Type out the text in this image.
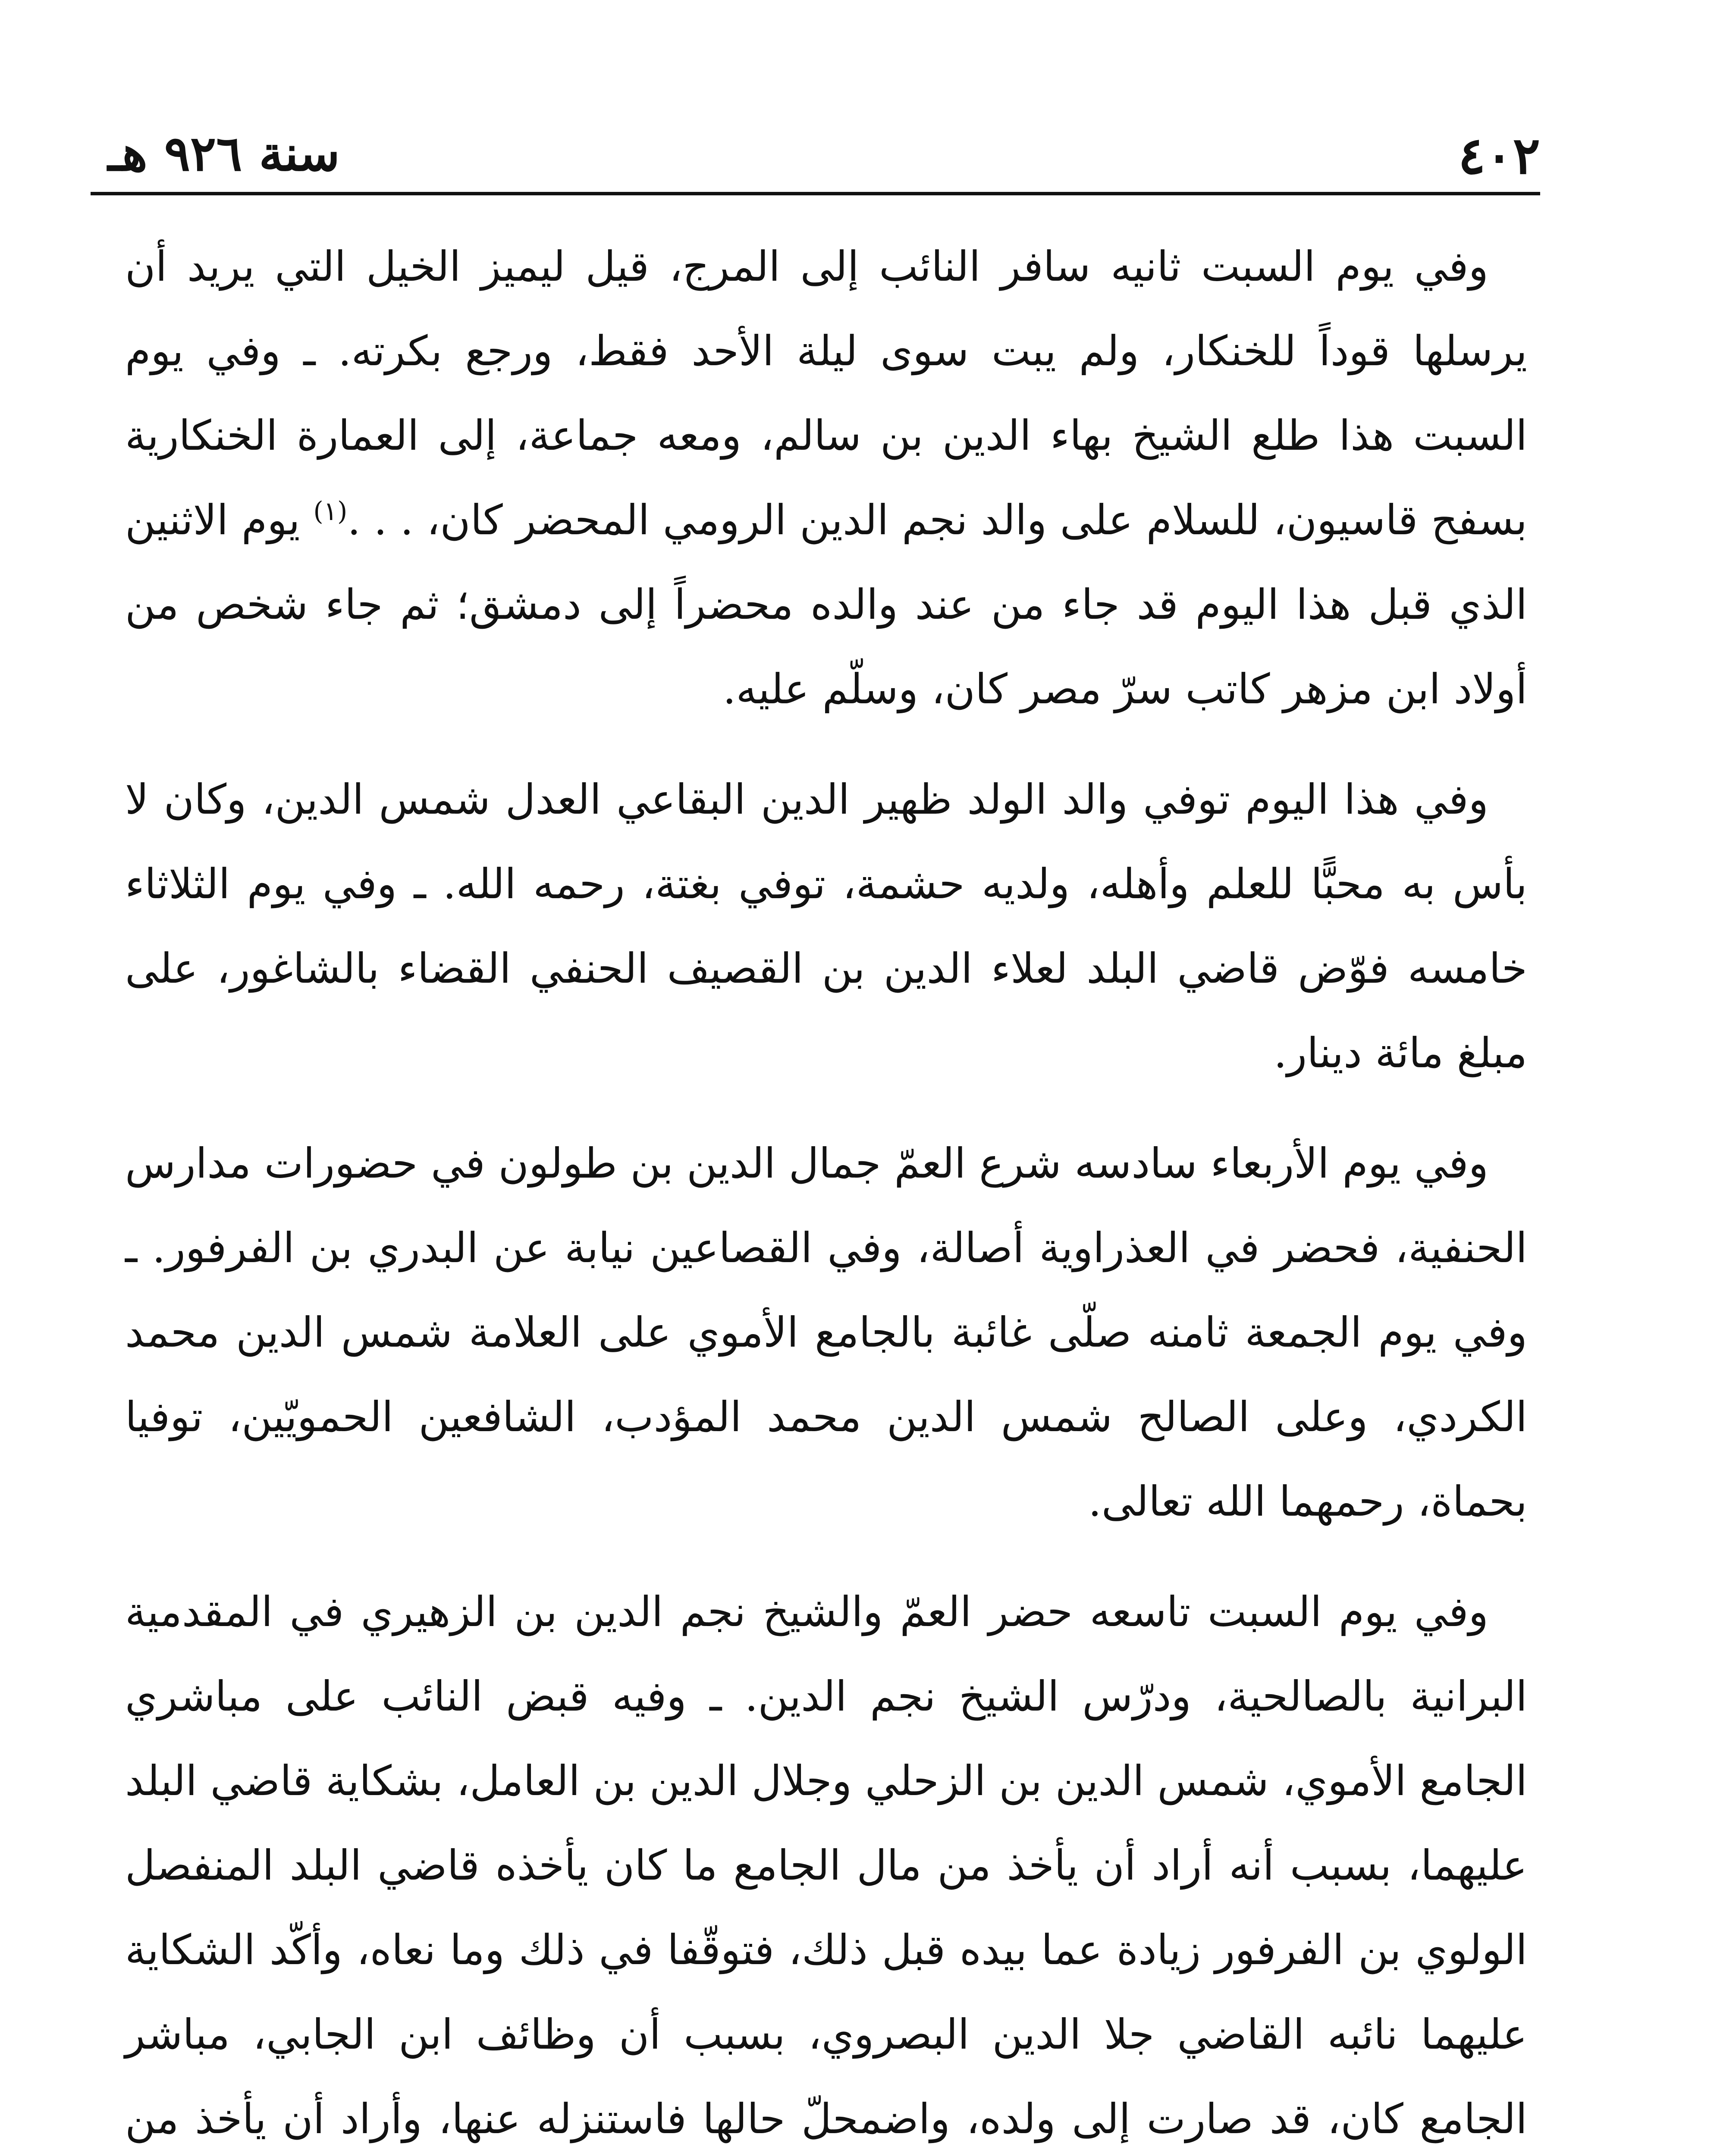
٤٠٢
سنة ٩٢٦ هـ

وفي يوم السبت ثانيه سافر النائب إلى المرج، قيل ليميز الخيل التي يريد أن يرسلها قوداً للخنكار، ولم يبت سوى ليلة الأحد فقط، ورجع بكرته. ـ وفي يوم السبت هذا طلع الشيخ بهاء الدين بن سالم، ومعه جماعة، إلى العمارة الخنكارية بسفح قاسيون، للسلام على والد نجم الدين الرومي المحضر كان، . . .$^{(١)}$ يوم الاثنين الذي قبل هذا اليوم قد جاء من عند والده محضراً إلى دمشق؛ ثم جاء شخص من أولاد ابن مزهر كاتب سرّ مصر كان، وسلّم عليه.

وفي هذا اليوم توفي والد الولد ظهير الدين البقاعي العدل شمس الدين، وكان لا بأس به محبًّا للعلم وأهله، ولديه حشمة، توفي بغتة، رحمه الله. ـ وفي يوم الثلاثاء خامسه فوّض قاضي البلد لعلاء الدين بن القصيف الحنفي القضاء بالشاغور، على مبلغ مائة دينار.

وفي يوم الأربعاء سادسه شرع العمّ جمال الدين بن طولون في حضورات مدارس الحنفية، فحضر في العذراوية أصالة، وفي القصاعين نيابة عن البدري بن الفرفور. ـ وفي يوم الجمعة ثامنه صلّى غائبة بالجامع الأموي على العلامة شمس الدين محمد الكردي، وعلى الصالح شمس الدين محمد المؤدب، الشافعين الحمويّين، توفيا بحماة، رحمهما الله تعالى.

وفي يوم السبت تاسعه حضر العمّ والشيخ نجم الدين بن الزهيري في المقدمية البرانية بالصالحية، ودرّس الشيخ نجم الدين. ـ وفيه قبض النائب على مباشري الجامع الأموي، شمس الدين بن الزحلي وجلال الدين بن العامل، بشكاية قاضي البلد عليهما، بسبب أنه أراد أن يأخذ من مال الجامع ما كان يأخذه قاضي البلد المنفصل الولوي بن الفرفور زيادة عما بيده قبل ذلك، فتوقّفا في ذلك وما نعاه، وأكّد الشكاية عليهما نائبه القاضي جلا الدين البصروي، بسبب أن وظائف ابن الجابي، مباشر الجامع كان، قد صارت إلى ولده، واضمحلّ حالها فاستنزله عنها، وأراد أن يأخذ من
